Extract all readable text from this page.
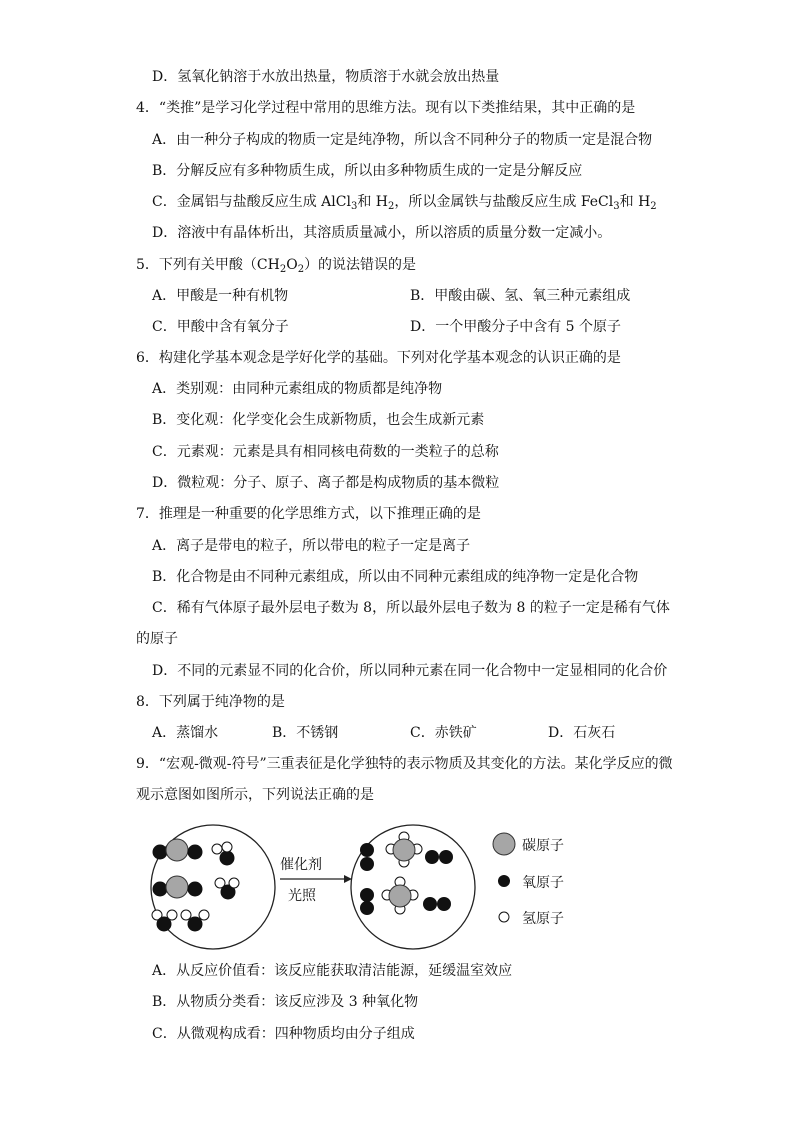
D．氢氧化钠溶于水放出热量，物质溶于水就会放出热量
4．“类推”是学习化学过程中常用的思维方法。现有以下类推结果，其中正确的是
A．由一种分子构成的物质一定是纯净物，所以含不同种分子的物质一定是混合物
B．分解反应有多种物质生成，所以由多种物质生成的一定是分解反应
C．金属铝与盐酸反应生成 AlCl$_3$和 $H_2$，所以金属铁与盐酸反应生成 FeCl$_3$和 $H_2$
D．溶液中有晶体析出，其溶质质量减小，所以溶质的质量分数一定减小。
5．下列有关甲酸$(CH_2O_2)$的说法错误的是
A．甲酸是一种有机物	B．甲酸由碳、氢、氧三种元素组成
C．甲酸中含有氧分子	D．一个甲酸分子中含有 5 个原子
6．构建化学基本观念是学好化学的基础。下列对化学基本观念的认识正确的是
A．类别观：由同种元素组成的物质都是纯净物
B．变化观：化学变化会生成新物质，也会生成新元素
C．元素观：元素是具有相同核电荷数的一类粒子的总称
D．微粒观：分子、原子、离子都是构成物质的基本微粒
7．推理是一种重要的化学思维方式，以下推理正确的是
A．离子是带电的粒子，所以带电的粒子一定是离子
B．化合物是由不同种元素组成，所以由不同种元素组成的纯净物一定是化合物
C．稀有气体原子最外层电子数为 8，所以最外层电子数为 8 的粒子一定是稀有气体
的原子
D．不同的元素显不同的化合价，所以同种元素在同一化合物中一定显相同的化合价
8．下列属于纯净物的是
A．蒸馏水	B．不锈钢	C．赤铁矿	D．石灰石
9．“宏观-微观-符号”三重表征是化学独特的表示物质及其变化的方法。某化学反应的微
观示意图如图所示，下列说法正确的是
催化剂
光照
碳原子
氧原子
氢原子
A．从反应价值看：该反应能获取清洁能源，延缓温室效应
B．从物质分类看：该反应涉及 3 种氧化物
C．从微观构成看：四种物质均由分子组成
